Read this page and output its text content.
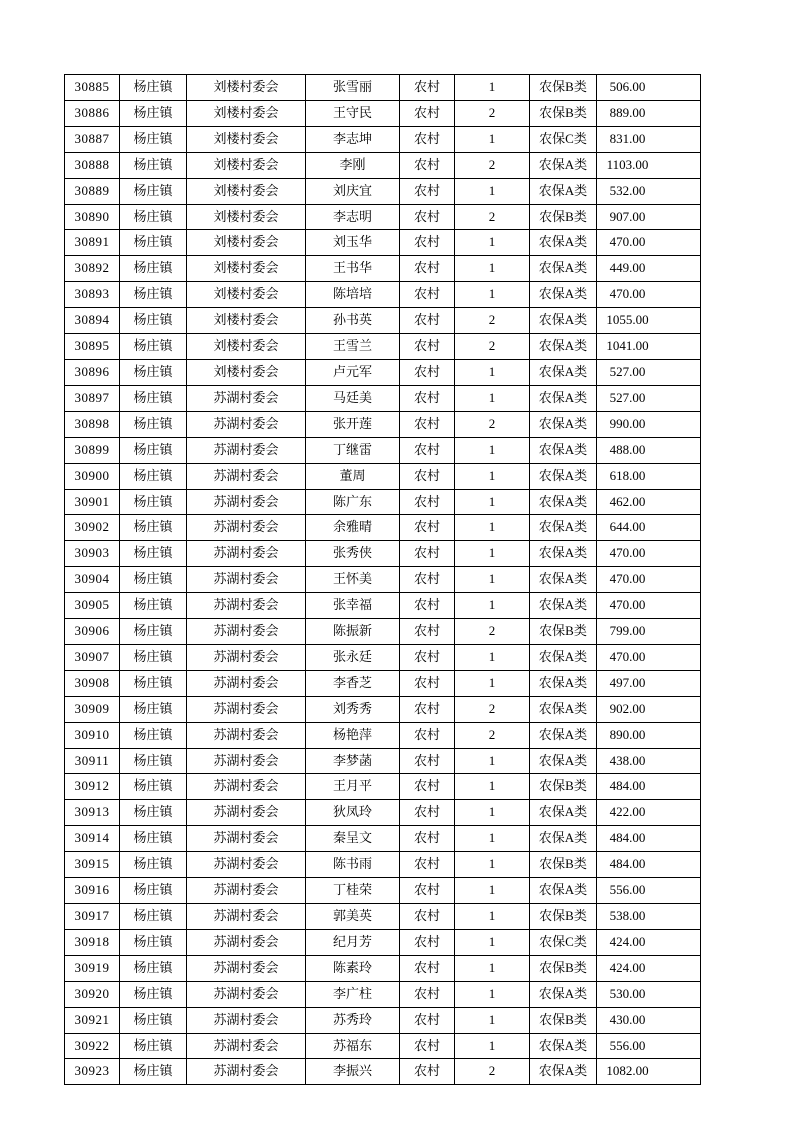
30885	杨庄镇	刘楼村委会	张雪丽	农村	1	农保B类	506.00
30886	杨庄镇	刘楼村委会	王守民	农村	2	农保B类	889.00
30887	杨庄镇	刘楼村委会	李志坤	农村	1	农保C类	831.00
30888	杨庄镇	刘楼村委会	李刚	农村	2	农保A类	1103.00
30889	杨庄镇	刘楼村委会	刘庆宜	农村	1	农保A类	532.00
30890	杨庄镇	刘楼村委会	李志明	农村	2	农保B类	907.00
30891	杨庄镇	刘楼村委会	刘玉华	农村	1	农保A类	470.00
30892	杨庄镇	刘楼村委会	王书华	农村	1	农保A类	449.00
30893	杨庄镇	刘楼村委会	陈培培	农村	1	农保A类	470.00
30894	杨庄镇	刘楼村委会	孙书英	农村	2	农保A类	1055.00
30895	杨庄镇	刘楼村委会	王雪兰	农村	2	农保A类	1041.00
30896	杨庄镇	刘楼村委会	卢元军	农村	1	农保A类	527.00
30897	杨庄镇	苏湖村委会	马廷美	农村	1	农保A类	527.00
30898	杨庄镇	苏湖村委会	张开莲	农村	2	农保A类	990.00
30899	杨庄镇	苏湖村委会	丁继雷	农村	1	农保A类	488.00
30900	杨庄镇	苏湖村委会	董周	农村	1	农保A类	618.00
30901	杨庄镇	苏湖村委会	陈广东	农村	1	农保A类	462.00
30902	杨庄镇	苏湖村委会	余雅晴	农村	1	农保A类	644.00
30903	杨庄镇	苏湖村委会	张秀侠	农村	1	农保A类	470.00
30904	杨庄镇	苏湖村委会	王怀美	农村	1	农保A类	470.00
30905	杨庄镇	苏湖村委会	张幸福	农村	1	农保A类	470.00
30906	杨庄镇	苏湖村委会	陈振新	农村	2	农保B类	799.00
30907	杨庄镇	苏湖村委会	张永廷	农村	1	农保A类	470.00
30908	杨庄镇	苏湖村委会	李香芝	农村	1	农保A类	497.00
30909	杨庄镇	苏湖村委会	刘秀秀	农村	2	农保A类	902.00
30910	杨庄镇	苏湖村委会	杨艳萍	农村	2	农保A类	890.00
30911	杨庄镇	苏湖村委会	李梦菡	农村	1	农保A类	438.00
30912	杨庄镇	苏湖村委会	王月平	农村	1	农保B类	484.00
30913	杨庄镇	苏湖村委会	狄凤玲	农村	1	农保A类	422.00
30914	杨庄镇	苏湖村委会	秦呈文	农村	1	农保A类	484.00
30915	杨庄镇	苏湖村委会	陈书雨	农村	1	农保B类	484.00
30916	杨庄镇	苏湖村委会	丁桂荣	农村	1	农保A类	556.00
30917	杨庄镇	苏湖村委会	郭美英	农村	1	农保B类	538.00
30918	杨庄镇	苏湖村委会	纪月芳	农村	1	农保C类	424.00
30919	杨庄镇	苏湖村委会	陈素玲	农村	1	农保B类	424.00
30920	杨庄镇	苏湖村委会	李广柱	农村	1	农保A类	530.00
30921	杨庄镇	苏湖村委会	苏秀玲	农村	1	农保B类	430.00
30922	杨庄镇	苏湖村委会	苏福东	农村	1	农保A类	556.00
30923	杨庄镇	苏湖村委会	李振兴	农村	2	农保A类	1082.00
